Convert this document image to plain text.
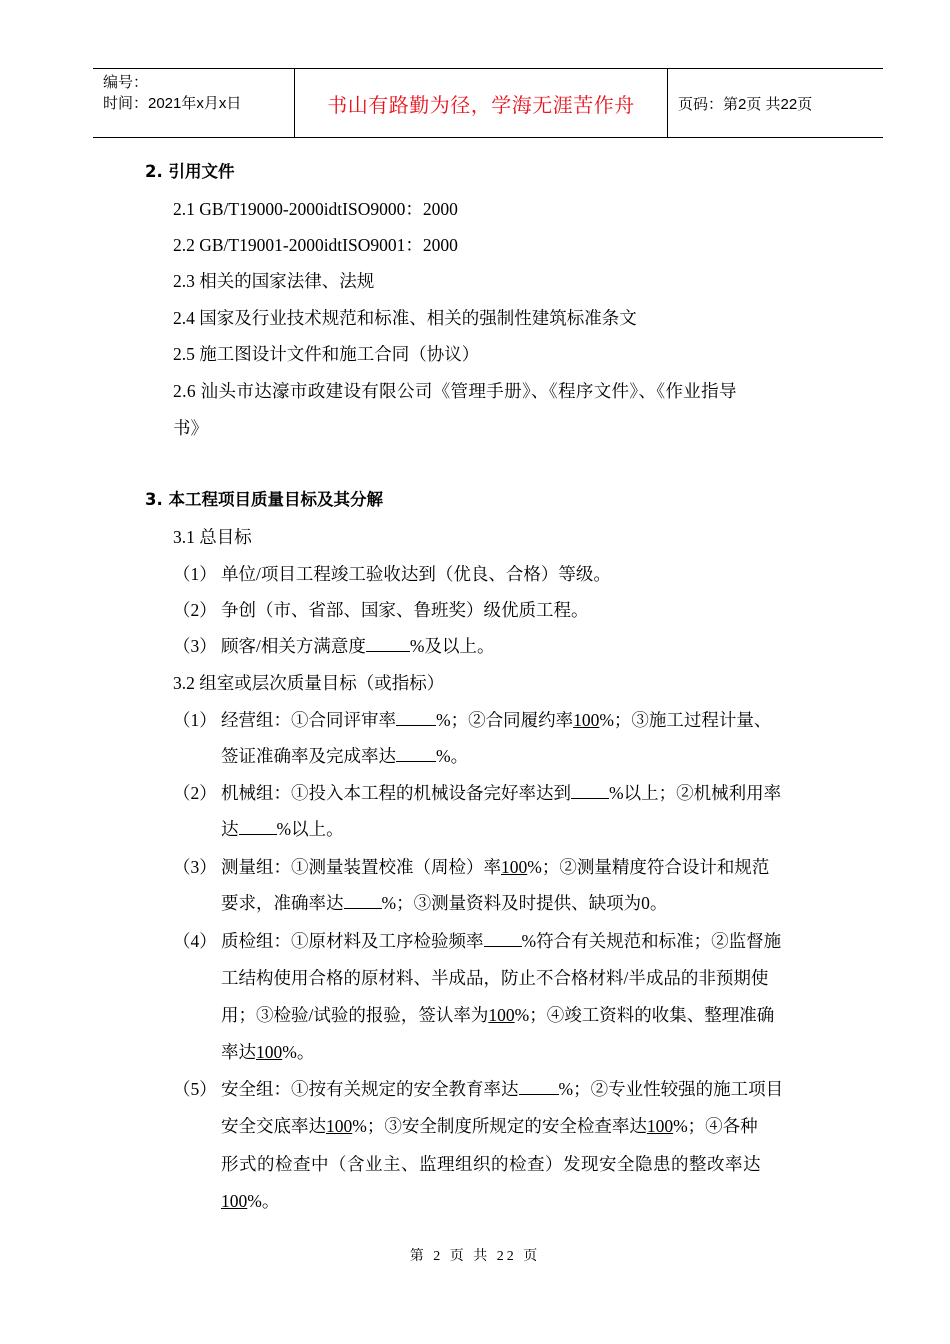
编号：
时间：2021年x月x日	书山有路勤为径，学海无涯苦作舟	页码：第2页 共22页
2. 引用文件
2.1 GB/T19000-2000idtISO9000：2000
2.2 GB/T19001-2000idtISO9001：2000
2.3 相关的国家法律、法规
2.4 国家及行业技术规范和标准、相关的强制性建筑标准条文
2.5 施工图设计文件和施工合同（协议）
2.6 汕头市达濠市政建设有限公司《管理手册》、《程序文件》、《作业指导
书》
3. 本工程项目质量目标及其分解
3.1 总目标
（1） 单位/项目工程竣工验收达到（优良、合格）等级。
（2） 争创（市、省部、国家、鲁班奖）级优质工程。
（3） 顾客/相关方满意度	%及以上。
3.2 组室或层次质量目标（或指标）
（1） 经营组：①合同评审率 %；②合同履约率100%；③施工过程计量、
签证准确率及完成率达 %。
（2） 机械组：①投入本工程的机械设备完好率达到 %以上；②机械利用率
达 %以上。
（3） 测量组：①测量装置校准（周检）率100%；②测量精度符合设计和规范
要求，准确率达 %；③测量资料及时提供、缺项为0。
（4） 质检组：①原材料及工序检验频率 %符合有关规范和标准；②监督施
工结构使用合格的原材料、半成品，防止不合格材料/半成品的非预期使
用；③检验/试验的报验，签认率为100%；④竣工资料的收集、整理准确
率达100%。
（5） 安全组：①按有关规定的安全教育率达 %；②专业性较强的施工项目
安全交底率达100%；③安全制度所规定的安全检查率达100%；④各种
形式的检查中（含业主、监理组织的检查）发现安全隐患的整改率达
100%。
第 2 页 共 22 页
